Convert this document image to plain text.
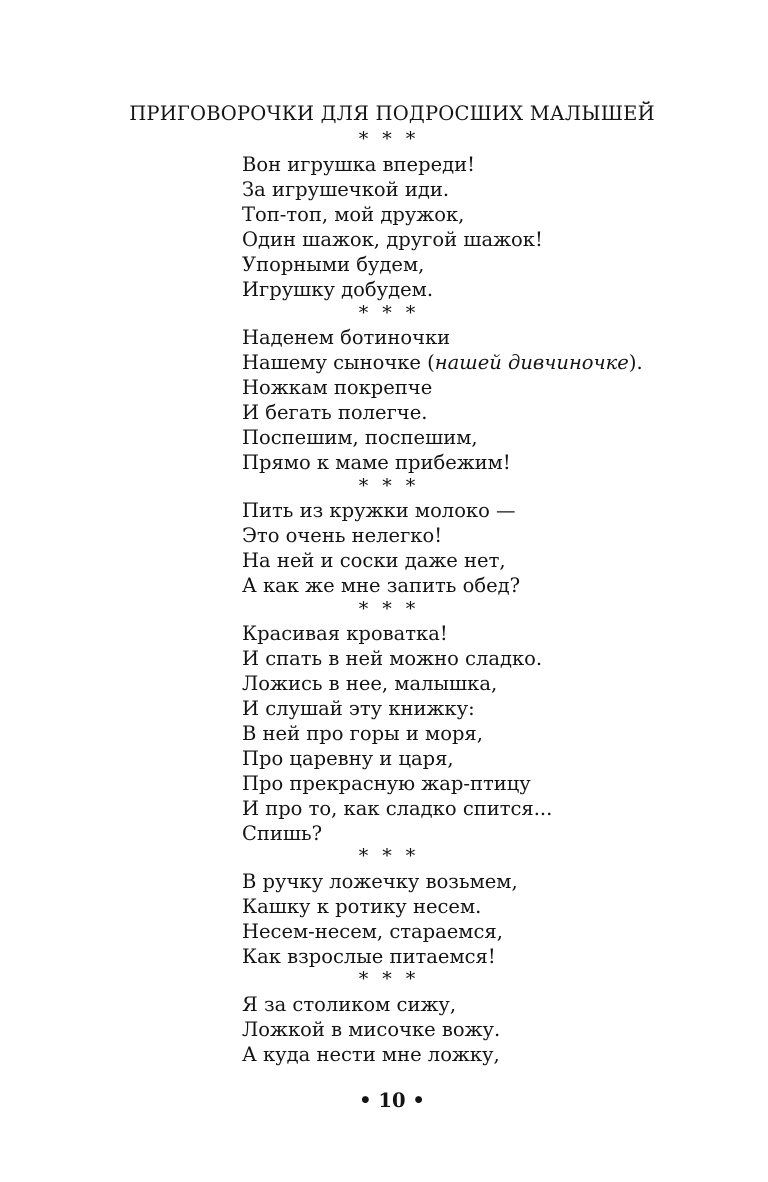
ПРИГОВОРОЧКИ ДЛЯ ПОДРОСШИХ МАЛЫШЕЙ
* * *
Вон игрушка впереди!
За игрушечкой иди.
Топ-топ, мой дружок,
Один шажок, другой шажок!
Упорными будем,
Игрушку добудем.
* * *
Наденем ботиночки
Нашему сыночке (нашей дивчиночке).
Ножкам покрепче
И бегать полегче.
Поспешим, поспешим,
Прямо к маме прибежим!
* * *
Пить из кружки молоко —
Это очень нелегко!
На ней и соски даже нет,
А как же мне запить обед?
* * *
Красивая кроватка!
И спать в ней можно сладко.
Ложись в нее, малышка,
И слушай эту книжку:
В ней про горы и моря,
Про царевну и царя,
Про прекрасную жар-птицу
И про то, как сладко спится...
Спишь?
* * *
В ручку ложечку возьмем,
Кашку к ротику несем.
Несем-несем, стараемся,
Как взрослые питаемся!
* * *
Я за столиком сижу,
Ложкой в мисочке вожу.
А куда нести мне ложку,
• 10 •
